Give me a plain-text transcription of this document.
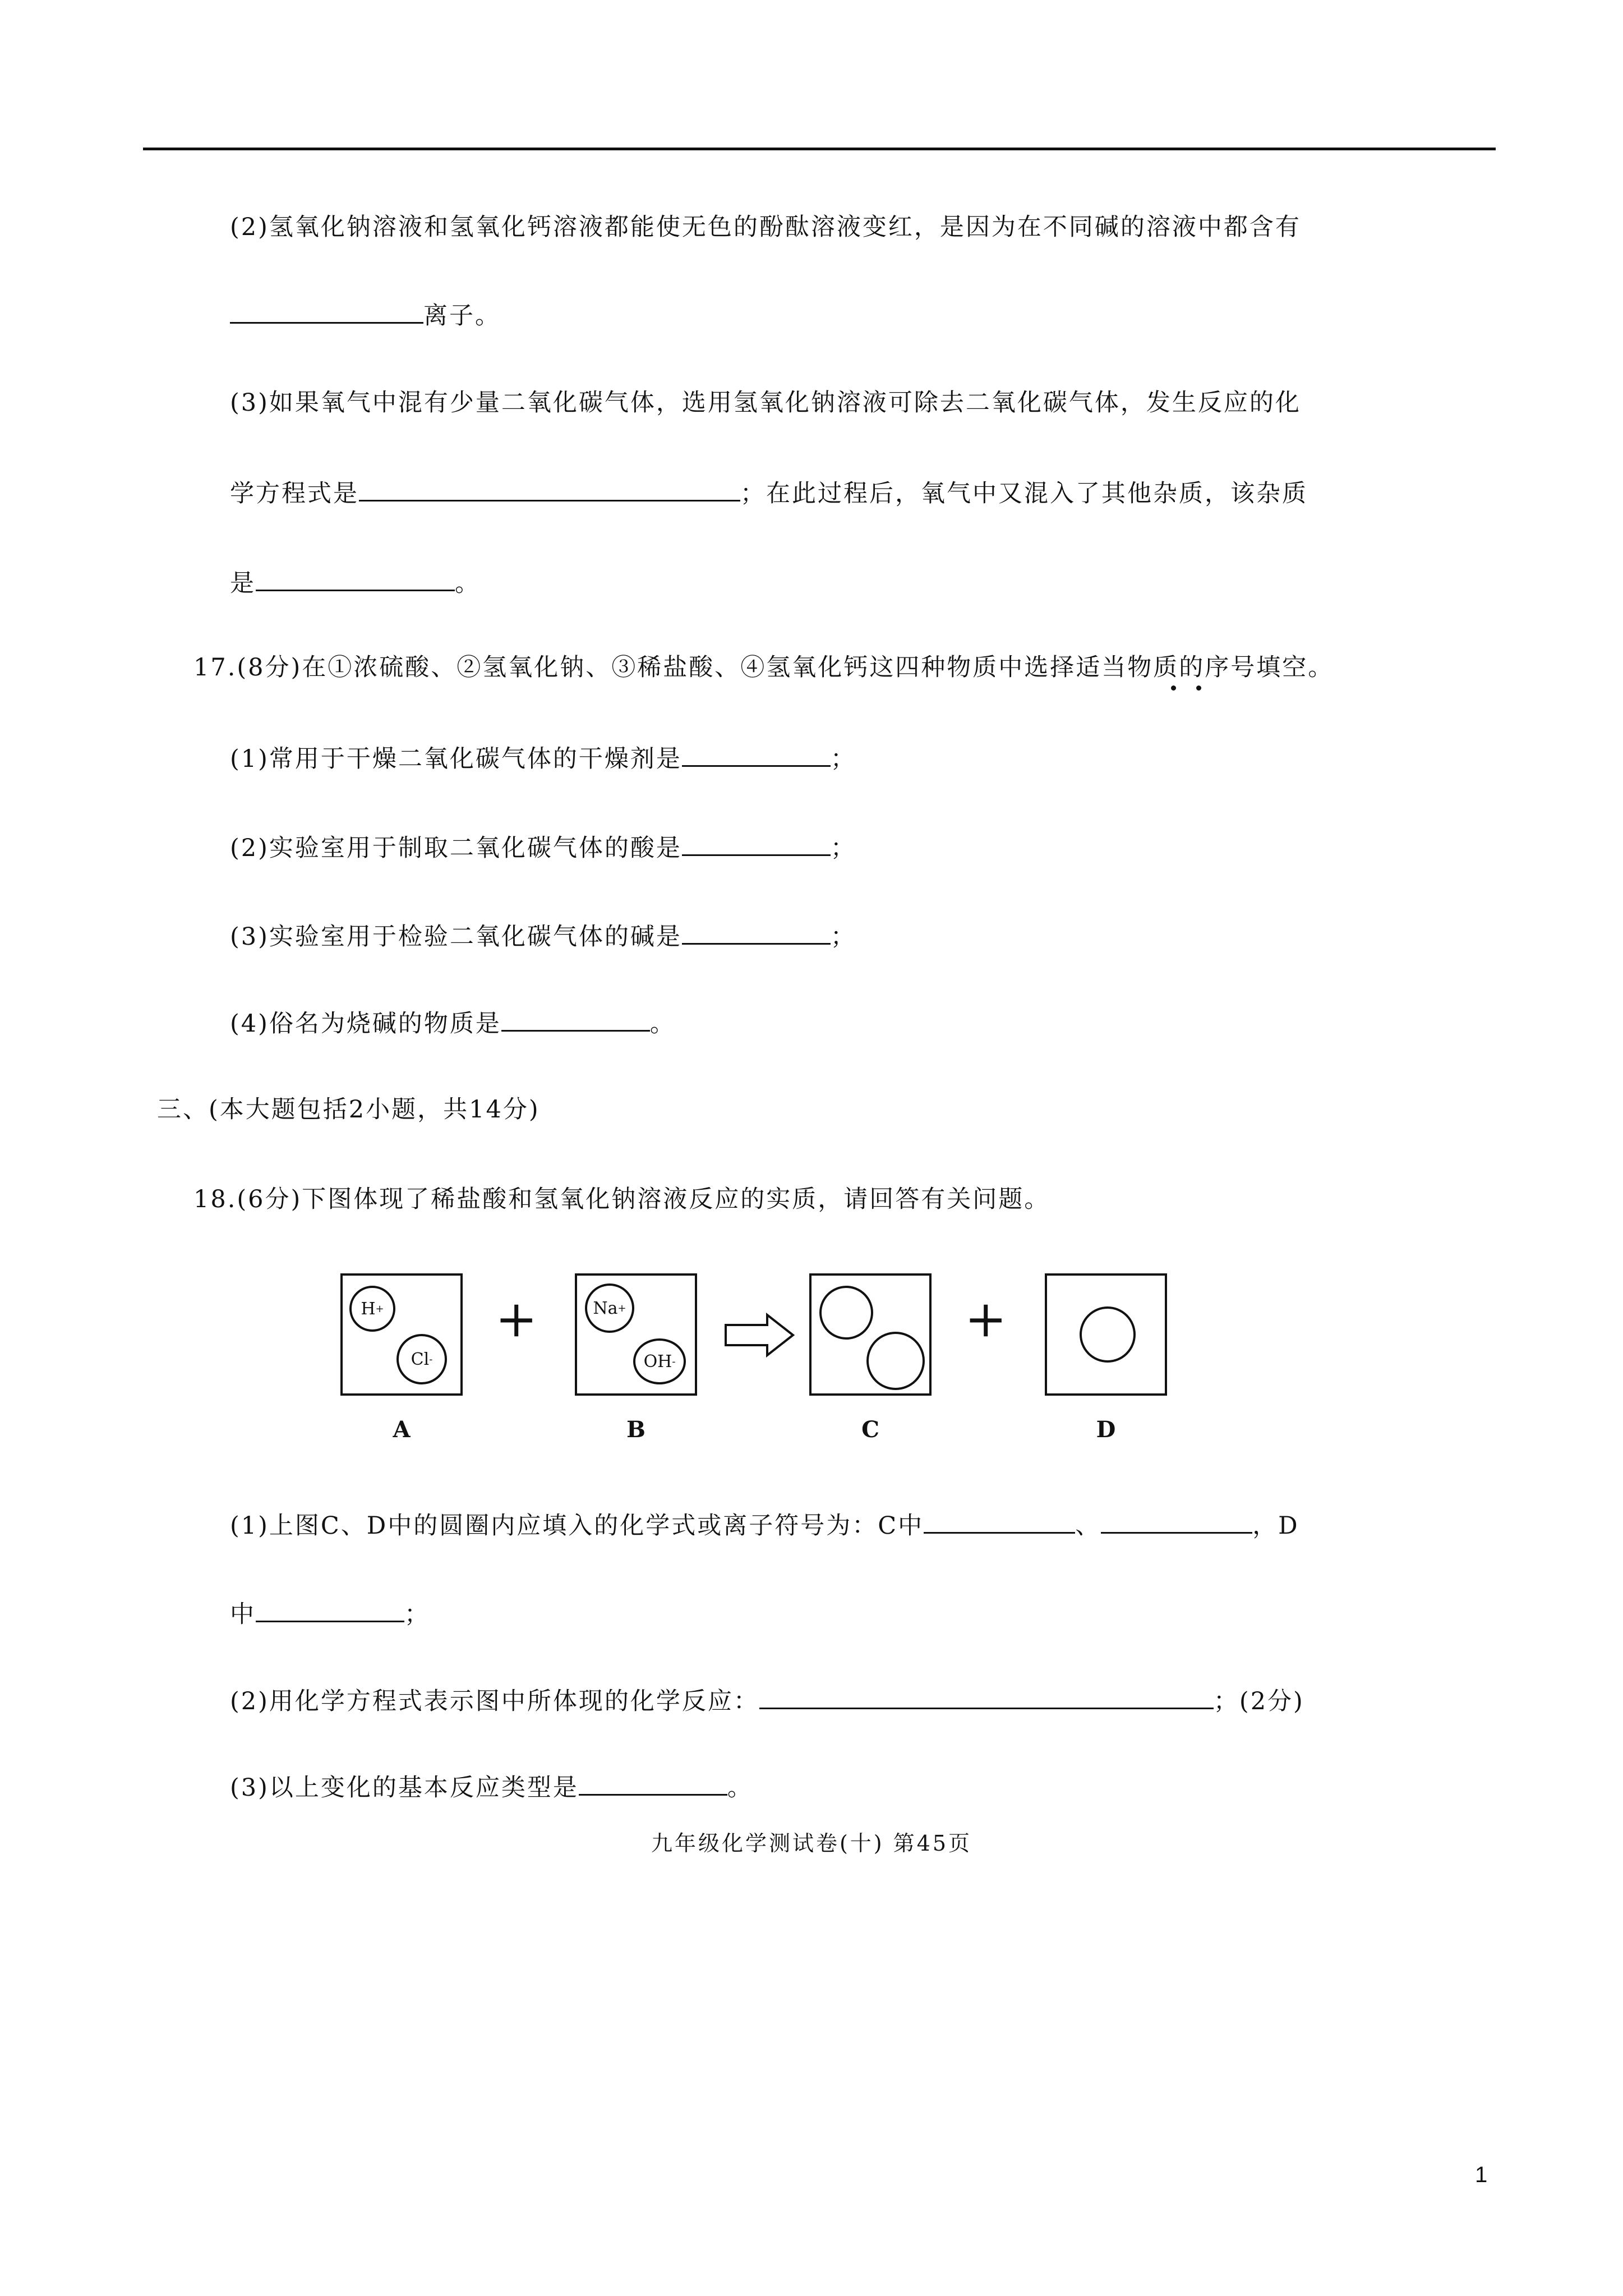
(2)氢氧化钠溶液和氢氧化钙溶液都能使无色的酚酞溶液变红，是因为在不同碱的溶液中都含有
离子。
(3)如果氧气中混有少量二氧化碳气体，选用氢氧化钠溶液可除去二氧化碳气体，发生反应的化
学方程式是	；在此过程后，氧气中又混入了其他杂质，该杂质
是	。
17.(8分)在①浓硫酸、②氢氧化钠、③稀盐酸、④氢氧化钙这四种物质中选择适当物质的序号填空。
(1)常用于干燥二氧化碳气体的干燥剂是	；
(2)实验室用于制取二氧化碳气体的酸是	；
(3)实验室用于检验二氧化碳气体的碱是	；
(4)俗名为烧碱的物质是	。
三、(本大题包括2小题，共14分)
18.(6分)下图体现了稀盐酸和氢氧化钠溶液反应的实质，请回答有关问题。
H +
Cl -
A
+	Na +
OH -
B	C
+
D
(1)上图C、D中的圆圈内应填入的化学式或离子符号为：C中	、	，D
中	；
(2)用化学方程式表示图中所体现的化学反应：	；(2分)
(3)以上变化的基本反应类型是	。
九年级化学测试卷(十) 第45页
1
